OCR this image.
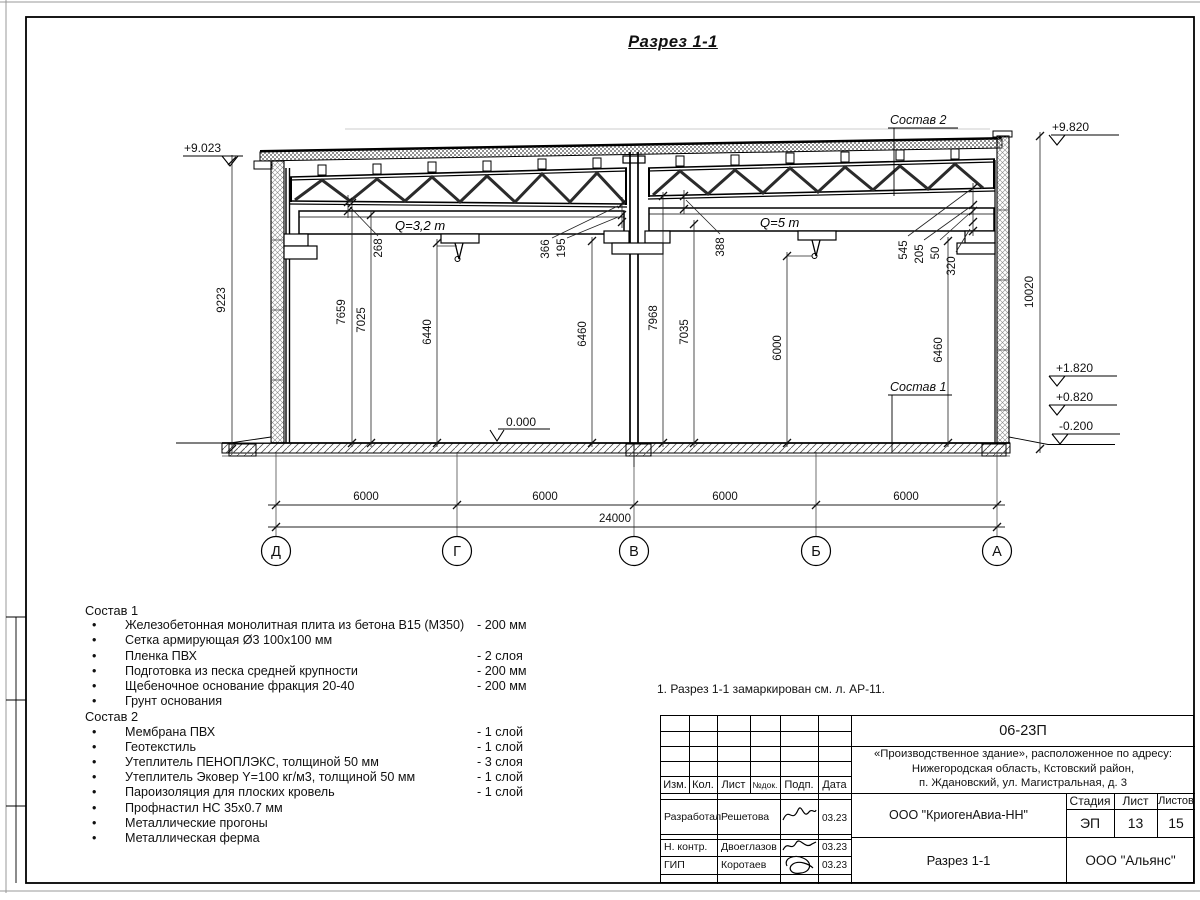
Q=3,2 m	Q=5 m
9223	7659 7025	6440
268	366 195
6460
7968
7035
6000	6460
388	545 205 50
320
10020
+9.023
+9.820
+1.820
+0.820
-0.200
0.000
Состав 2
Состав 1
6000	6000	6000	6000
24000
Д	Г	В	Б	А
Разрез 1-1
Состав 1
• Железобетонная монолитная плита из бетона В15 (М350) - 200 мм
• Сетка армирующая Ø3 100х100 мм
• Пленка ПВХ	- 2 слоя
• Подготовка из песка средней крупности	- 200 мм
• Щебеночное основание фракция 20-40	- 200 мм
• Грунт основания
Состав 2
• Мембрана ПВХ	- 1 слой
• Геотекстиль	- 1 слой
• Утеплитель ПЕНОПЛЭКС, толщиной 50 мм	- 3 слоя
• Утеплитель Эковер Y=100 кг/м3, толщиной 50 мм	- 1 слой
• Пароизоляция для плоских кровель	- 1 слой
• Профнастил НС 35х0.7 мм
• Металлические прогоны
• Металлическая ферма
1. Разрез 1-1 замаркирован см. л. АР-11.
Изм. Кол. Лист №док. Подп. Дата
Разработал Решетова	03.23
Н. контр. Двоеглазов	03.23
ГИП	Коротаев	03.23
06-23П
«Производственное здание», расположенное по адресу:
Нижегородская область, Кстовский район,
п. Ждановский, ул. Магистральная, д. 3
ООО "КриогенАвиа-НН"
Стадия	Лист Листов
ЭП	13	15
Разрез 1-1	ООО "Альянс"
